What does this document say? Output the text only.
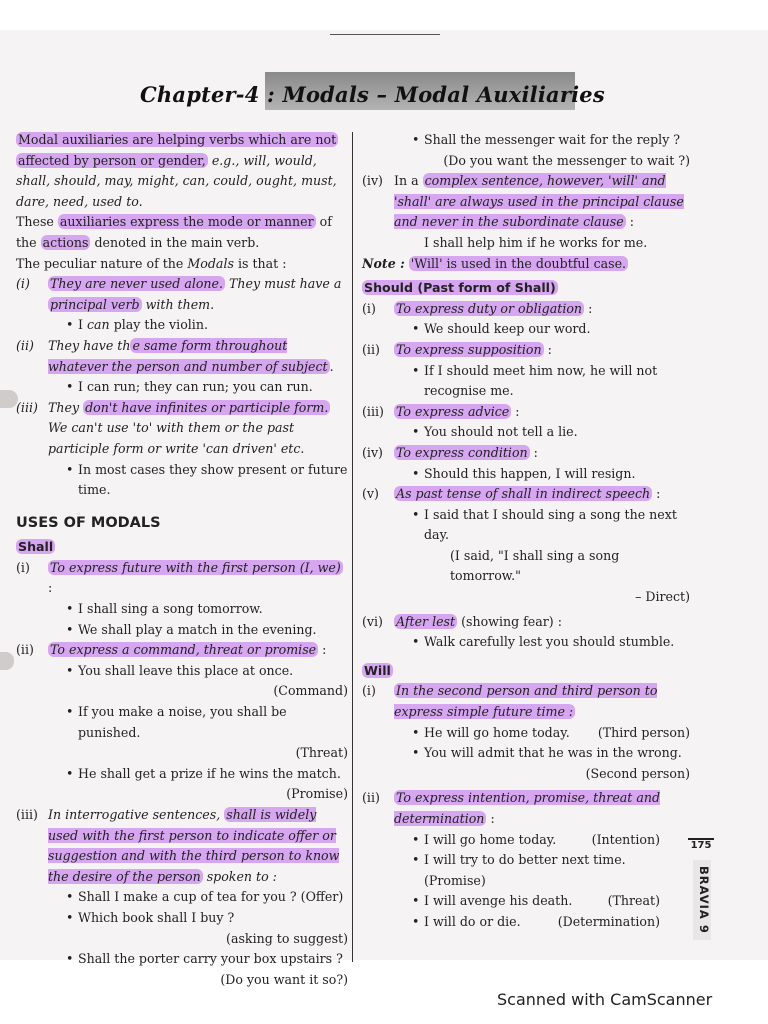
Chapter-4 : Modals – Modal Auxiliaries

Modal auxiliaries are helping verbs which are not affected by person or gender, e.g., will, would, shall, should, may, might, can, could, ought, must, dare, need, used to.

These auxiliaries express the mode or manner of the actions denoted in the main verb.

The peculiar nature of the Modals is that :

(i) They are never used alone. They must have a principal verb with them.

• I can play the violin.

(ii) They have th e same form throughout whatever the person and number of subject .

• I can run; they can run; you can run.

(iii) They don't have infinites or participle form. We can't use 'to' with them or the past participle form or write 'can driven' etc.

• In most cases they show present or future time.

USES OF MODALS
Shall
(i) To express future with the first person (I, we) :

• I shall sing a song tomorrow.

• We shall play a match in the evening.

(ii) To express a command, threat or promise :

• You shall leave this place at once.

(Command)

• If you make a noise, you shall be punished.

(Threat)

• He shall get a prize if he wins the match.

(Promise)

(iii) In interrogative sentences, shall is widely used with the first person to indicate offer or suggestion and with the third person to know the desire of the person spoken to :

• Shall I make a cup of tea for you ? (Offer)

• Which book shall I buy ?

(asking to suggest)

• Shall the porter carry your box upstairs ?

(Do you want it so?)

• Shall the messenger wait for the reply ?

(Do you want the messenger to wait ?)

(iv) In a complex sentence, however, 'will' and 'shall' are always used in the principal clause and never in the subordinate clause :

I shall help him if he works for me.

Note : 'Will' is used in the doubtful case.

Should (Past form of Shall)
(i) To express duty or obligation :

• We should keep our word.

(ii) To express supposition :

• If I should meet him now, he will not recognise me.

(iii) To express advice :

• You should not tell a lie.

(iv) To express condition :

• Should this happen, I will resign.

(v) As past tense of shall in indirect speech :

• I said that I should sing a song the next day.

(I said, "I shall sing a song tomorrow."

– Direct)

(vi) After lest (showing fear) :

• Walk carefully lest you should stumble.

Will
(i) In the second person and third person to express simple future time :

• He will go home today. (Third person)

• You will admit that he was in the wrong.

(Second person)

(ii) To express intention, promise, threat and determination :

• I will go home today.	(Intention)

• I will try to do better next time. (Promise)

• I will avenge his death.	(Threat)

• I will do or die.	(Determination)

175
BRAVIA 9
Scanned with CamScanner
